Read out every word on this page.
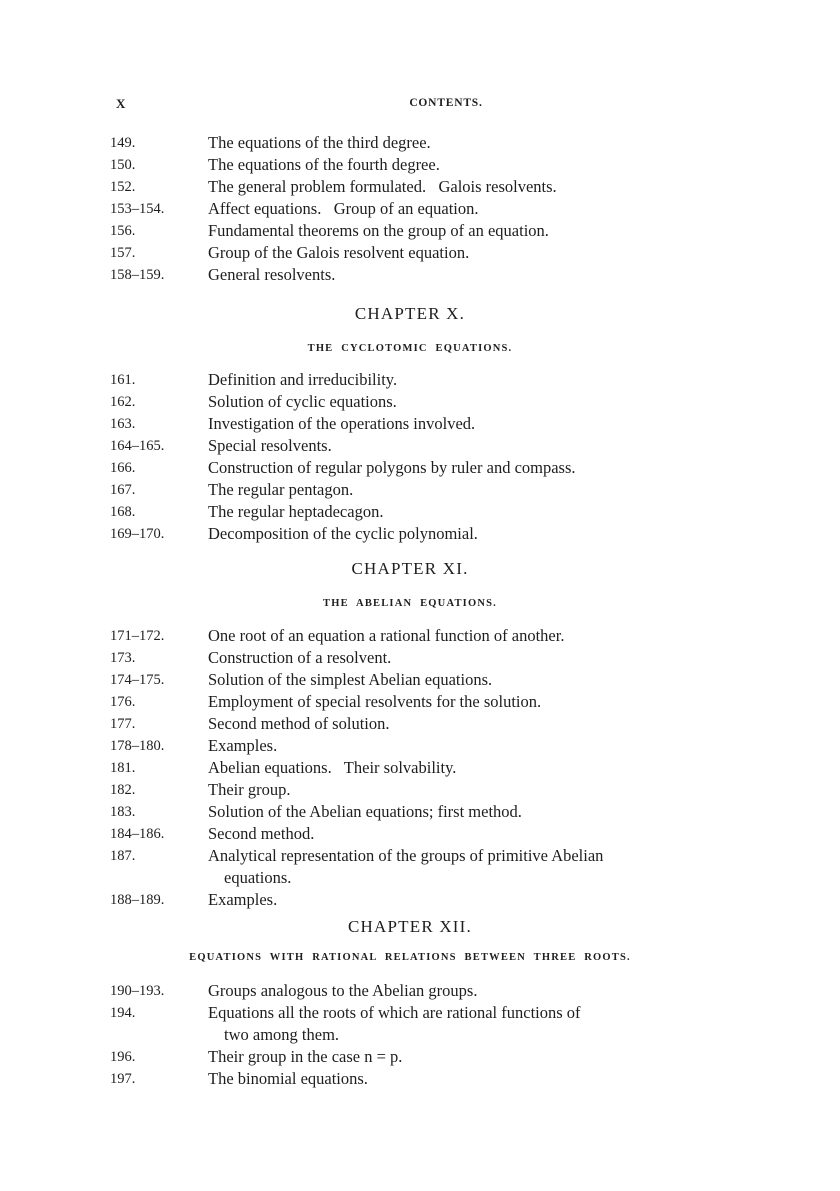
X	CONTENTS.
149.	The equations of the third degree.
150.	The equations of the fourth degree.
152.	The general problem formulated.   Galois resolvents.
153–154.	Affect equations.   Group of an equation.
156.	Fundamental theorems on the group of an equation.
157.	Group of the Galois resolvent equation.
158–159.	General resolvents.
CHAPTER X.
THE CYCLOTOMIC EQUATIONS.
161.	Definition and irreducibility.
162.	Solution of cyclic equations.
163.	Investigation of the operations involved.
164–165.	Special resolvents.
166.	Construction of regular polygons by ruler and compass.
167.	The regular pentagon.
168.	The regular heptadecagon.
169–170.	Decomposition of the cyclic polynomial.
CHAPTER XI.
THE ABELIAN EQUATIONS.
171–172.	One root of an equation a rational function of another.
173.	Construction of a resolvent.
174–175.	Solution of the simplest Abelian equations.
176.	Employment of special resolvents for the solution.
177.	Second method of solution.
178–180.	Examples.
181.	Abelian equations.   Their solvability.
182.	Their group.
183.	Solution of the Abelian equations; first method.
184–186.	Second method.
187.	Analytical representation of the groups of primitive Abelian
equations.
188–189.	Examples.
CHAPTER XII.
EQUATIONS WITH RATIONAL RELATIONS BETWEEN THREE ROOTS.
190–193.	Groups analogous to the Abelian groups.
194.	Equations all the roots of which are rational functions of
two among them.
196.	Their group in the case n = p.
197.	The binomial equations.
